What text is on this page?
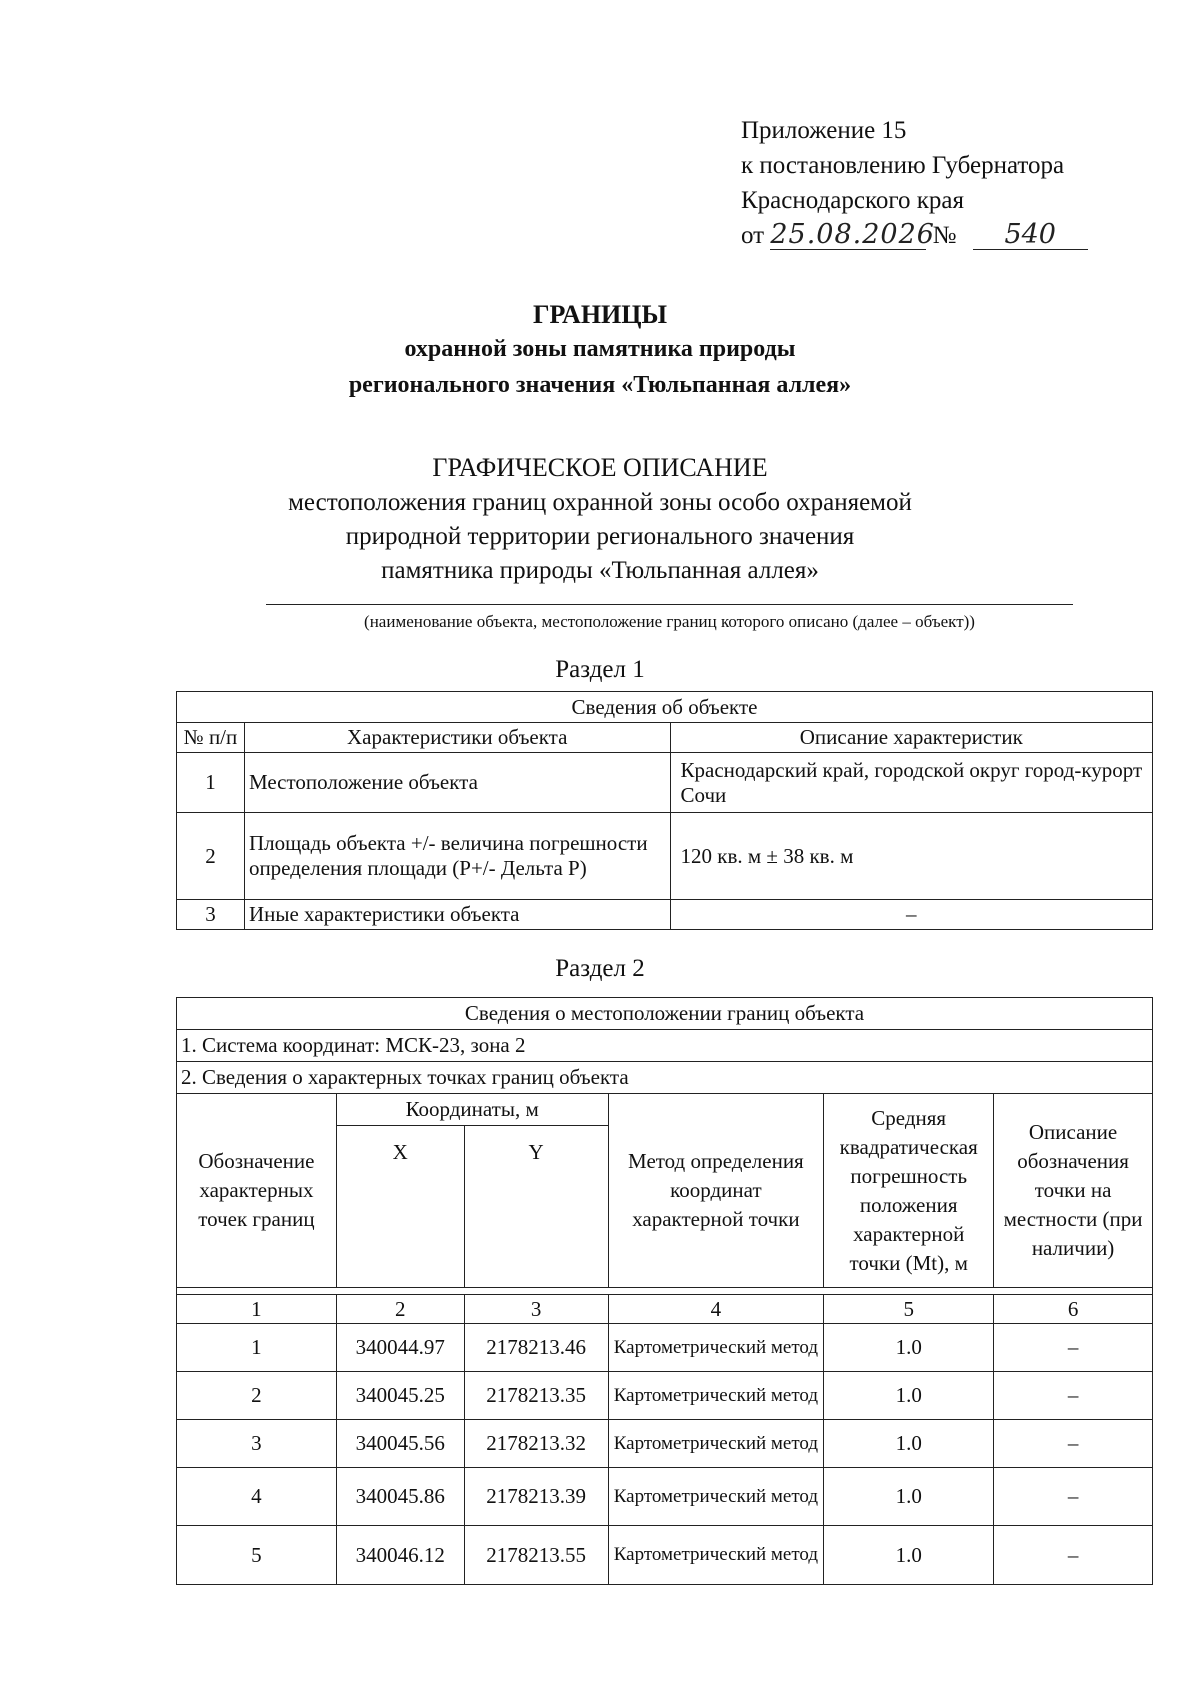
Приложение 15
к постановлению Губернатора
Краснодарского края
от 25.08.2026 № 540
ГРАНИЦЫ
охранной зоны памятника природы
регионального значения «Тюльпанная аллея»
ГРАФИЧЕСКОЕ ОПИСАНИЕ
местоположения границ охранной зоны особо охраняемой
природной территории регионального значения
памятника природы «Тюльпанная аллея»
(наименование объекта, местоположение границ которого описано (далее – объект))
Раздел 1
Сведения об объекте		
№ п/п	Характеристики объекта	Описание характеристик
1	Местоположение объекта	Краснодарский край, городской округ город-курорт Сочи
2	Площадь объекта +/- величина погрешности определения площади (Р+/- Дельта Р)	120 кв. м ± 38 кв. м
3	Иные характеристики объекта	–
Раздел 2
Сведения о местоположении границ объекта					
1. Система координат: МСК-23, зона 2					
2. Сведения о характерных точках границ объекта					
Обозначение характерных точек границ	Координаты, м		Метод определения координат характерной точки	Средняя квадратическая погрешность положения характерной точки (Mt), м	Описание обозначения точки на местности (при наличии)
	X	Y			

1	2	3	4	5	6
1	340044.97	2178213.46	Картометрический метод	1.0	–
2	340045.25	2178213.35	Картометрический метод	1.0	–
3	340045.56	2178213.32	Картометрический метод	1.0	–
4	340045.86	2178213.39	Картометрический метод	1.0	–
5	340046.12	2178213.55	Картометрический метод	1.0	–
